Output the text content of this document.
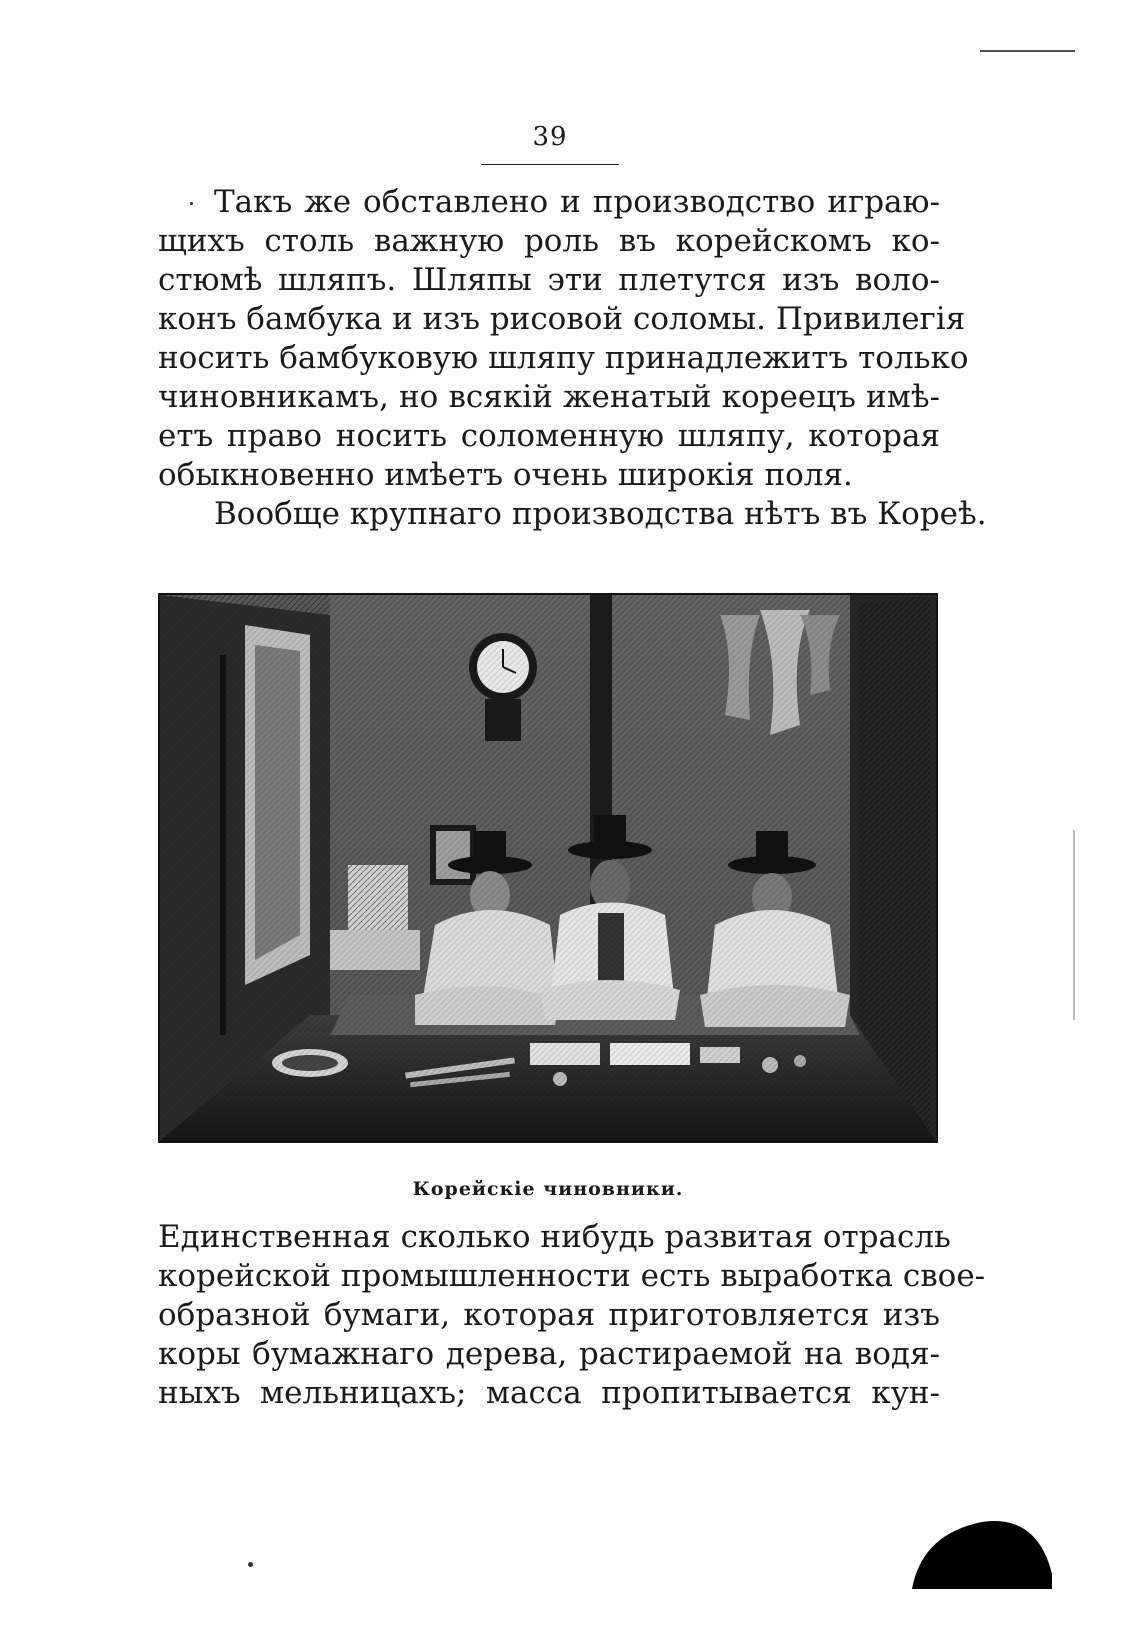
39
Такъ же обставлено и производство играю-
щихъ столь важную роль въ корейскомъ ко-
стюмѣ шляпъ. Шляпы эти плетутся изъ воло-
конъ бамбука и изъ рисовой соломы. Привилегія
носить бамбуковую шляпу принадлежитъ только
чиновникамъ, но всякій женатый кореецъ имѣ-
етъ право носить соломенную шляпу, которая
обыкновенно имѣетъ очень широкія поля.
Вообще крупнаго производства нѣтъ въ Кореѣ.
Корейскіе чиновники.
Единственная сколько нибудь развитая отрасль
корейской промышленности есть выработка свое-
образной бумаги, которая приготовляется изъ
коры бумажнаго дерева, растираемой на водя-
ныхъ мельницахъ; масса пропитывается кун-
